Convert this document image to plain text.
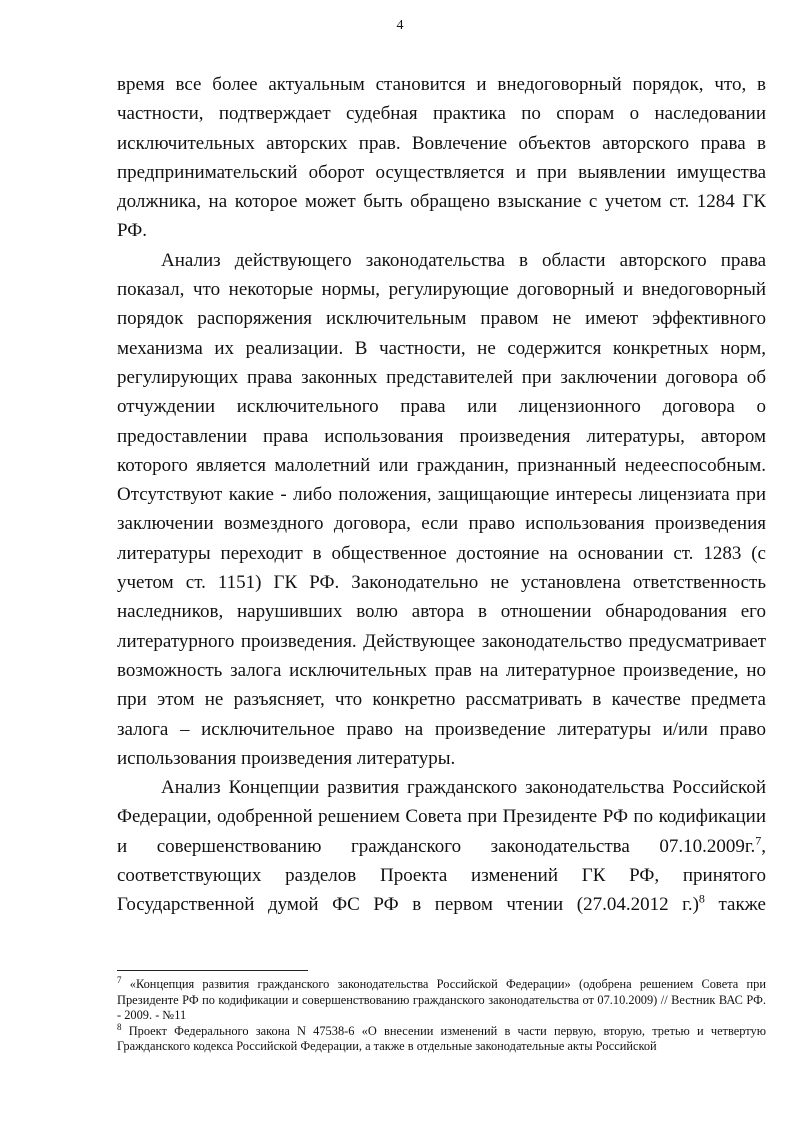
4

время все более актуальным становится и внедоговорный порядок, что, в частности, подтверждает судебная практика по спорам о наследовании исключительных авторских прав. Вовлечение объектов авторского права в предпринимательский оборот осуществляется и при выявлении имущества должника, на которое может быть обращено взыскание с учетом ст. 1284 ГК РФ.

Анализ действующего законодательства в области авторского права показал, что некоторые нормы, регулирующие договорный и внедоговорный порядок распоряжения исключительным правом не имеют эффективного механизма их реализации. В частности, не содержится конкретных норм, регулирующих права законных представителей при заключении договора об отчуждении исключительного права или лицензионного договора о предоставлении права использования произведения литературы, автором которого является малолетний или гражданин, признанный недееспособным. Отсутствуют какие - либо положения, защищающие интересы лицензиата при заключении возмездного договора, если право использования произведения литературы переходит в общественное достояние на основании ст. 1283 (с учетом ст. 1151) ГК РФ. Законодательно не установлена ответственность наследников, нарушивших волю автора в отношении обнародования его литературного произведения. Действующее законодательство предусматривает возможность залога исключительных прав на литературное произведение, но при этом не разъясняет, что конкретно рассматривать в качестве предмета залога – исключительное право на произведение литературы и/или право использования произведения литературы.

Анализ Концепции развития гражданского законодательства Российской Федерации, одобренной решением Совета при Президенте РФ по кодификации и совершенствованию гражданского законодательства 07.10.2009г.$^7$, соответствующих разделов Проекта изменений ГК РФ, принятого Государственной думой ФС РФ в первом чтении (27.04.2012 г.)$^8$ также

$^7$ «Концепция развития гражданского законодательства Российской Федерации» (одобрена решением Совета при Президенте РФ по кодификации и совершенствованию гражданского законодательства от 07.10.2009) // Вестник ВАС РФ. - 2009. - №11

$^8$ Проект Федерального закона N 47538-6 «О внесении изменений в части первую, вторую, третью и четвертую Гражданского кодекса Российской Федерации, а также в отдельные законодательные акты Российской
